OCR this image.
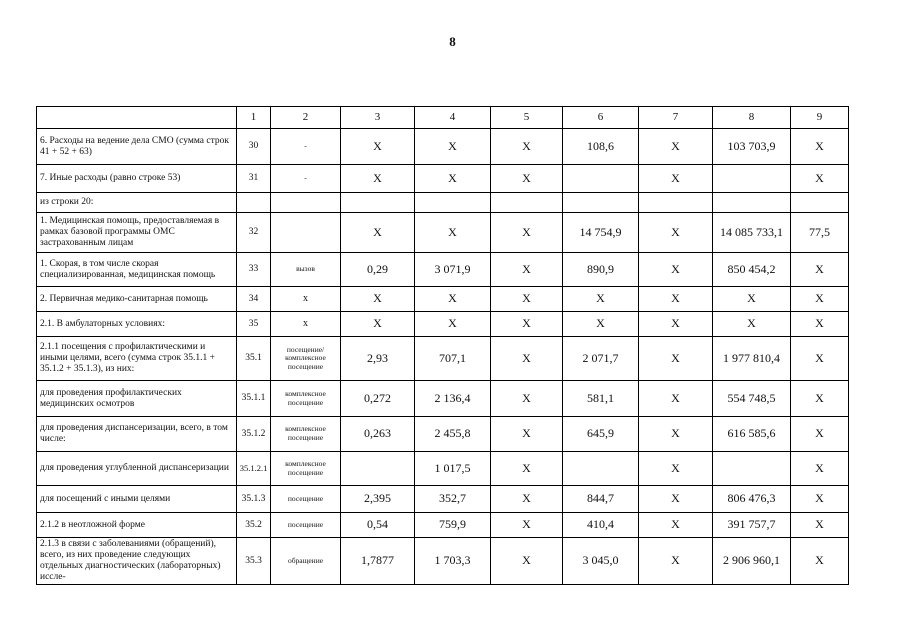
8
	1	2	3	4	5	6	7	8	9
6. Расходы на ведение дела СМО (сумма строк 41 + 52 + 63)	30	-	X	X	X	108,6	X	103 703,9	X
7. Иные расходы (равно строке 53)	31	-	X	X	X		X		X
из строки 20:									
1. Медицинская помощь, предоставляемая в рамках базовой программы ОМС застрахованным лицам	32		X	X	X	14 754,9	X	14 085 733,1	77,5
1. Скорая, в том числе скорая специализированная, медицинская помощь	33	вызов	0,29	3 071,9	X	890,9	X	850 454,2	X
2. Первичная медико-санитарная помощь	34	х	X	X	X	X	X	X	X
2.1. В амбулаторных условиях:	35	х	X	X	X	X	X	X	X
2.1.1 посещения с профилактическими и иными целями, всего (сумма строк 35.1.1 + 35.1.2 + 35.1.3), из них:	35.1	посещение/ комплексное посещение	2,93	707,1	X	2 071,7	X	1 977 810,4	X
для проведения профилактических медицинских осмотров	35.1.1	комплексное посещение	0,272	2 136,4	X	581,1	X	554 748,5	X
для проведения диспансеризации, всего, в том числе:	35.1.2	комплексное посещение	0,263	2 455,8	X	645,9	X	616 585,6	X
для проведения углубленной диспансеризации	35.1.2.1	комплексное посещение		1 017,5	X		X		X
для посещений с иными целями	35.1.3	посещение	2,395	352,7	X	844,7	X	806 476,3	X
2.1.2 в неотложной форме	35.2	посещение	0,54	759,9	X	410,4	X	391 757,7	X
2.1.3 в связи с заболеваниями (обращений), всего, из них проведение следующих отдельных диагностических (лабораторных) иссле-	35.3	обращение	1,7877	1 703,3	X	3 045,0	X	2 906 960,1	X
